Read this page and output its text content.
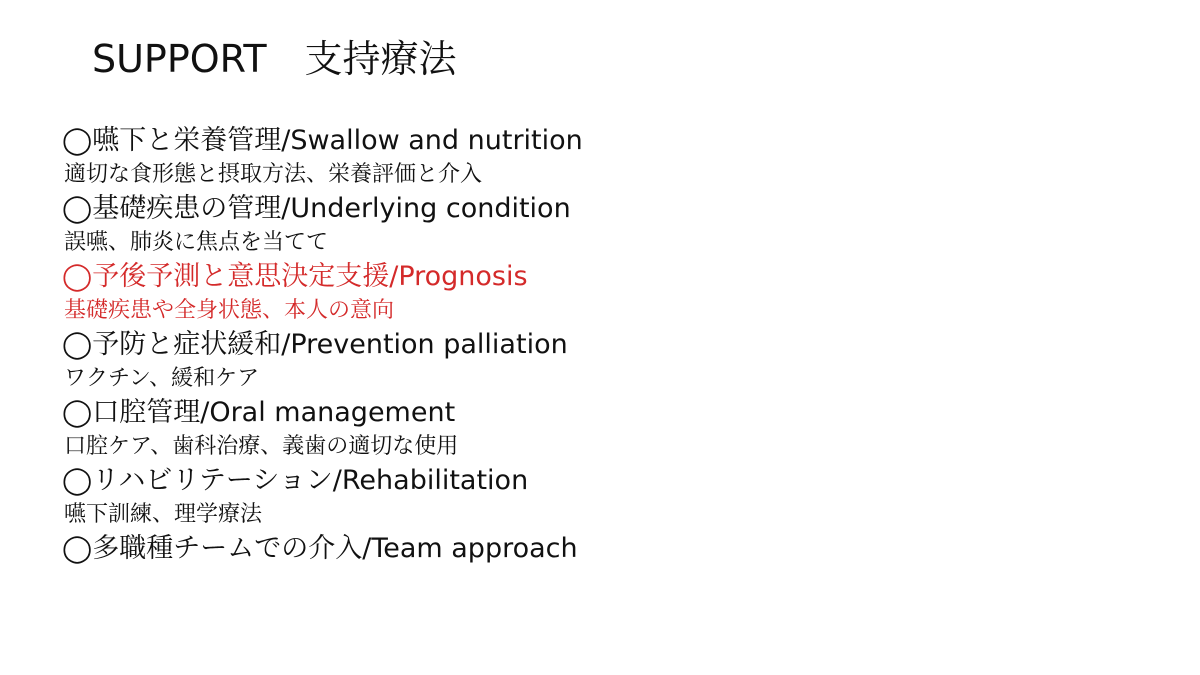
SUPPORT　支持療法
◯嚥下と栄養管理/Swallow and nutrition
適切な食形態と摂取方法、栄養評価と介入
◯基礎疾患の管理/Underlying condition
誤嚥、肺炎に焦点を当てて
◯予後予測と意思決定支援/Prognosis
基礎疾患や全身状態、本人の意向
◯予防と症状緩和/Prevention palliation
ワクチン、緩和ケア
◯口腔管理/Oral management
口腔ケア、歯科治療、義歯の適切な使用
◯リハビリテーション/Rehabilitation
嚥下訓練、理学療法
◯多職種チームでの介入/Team approach
